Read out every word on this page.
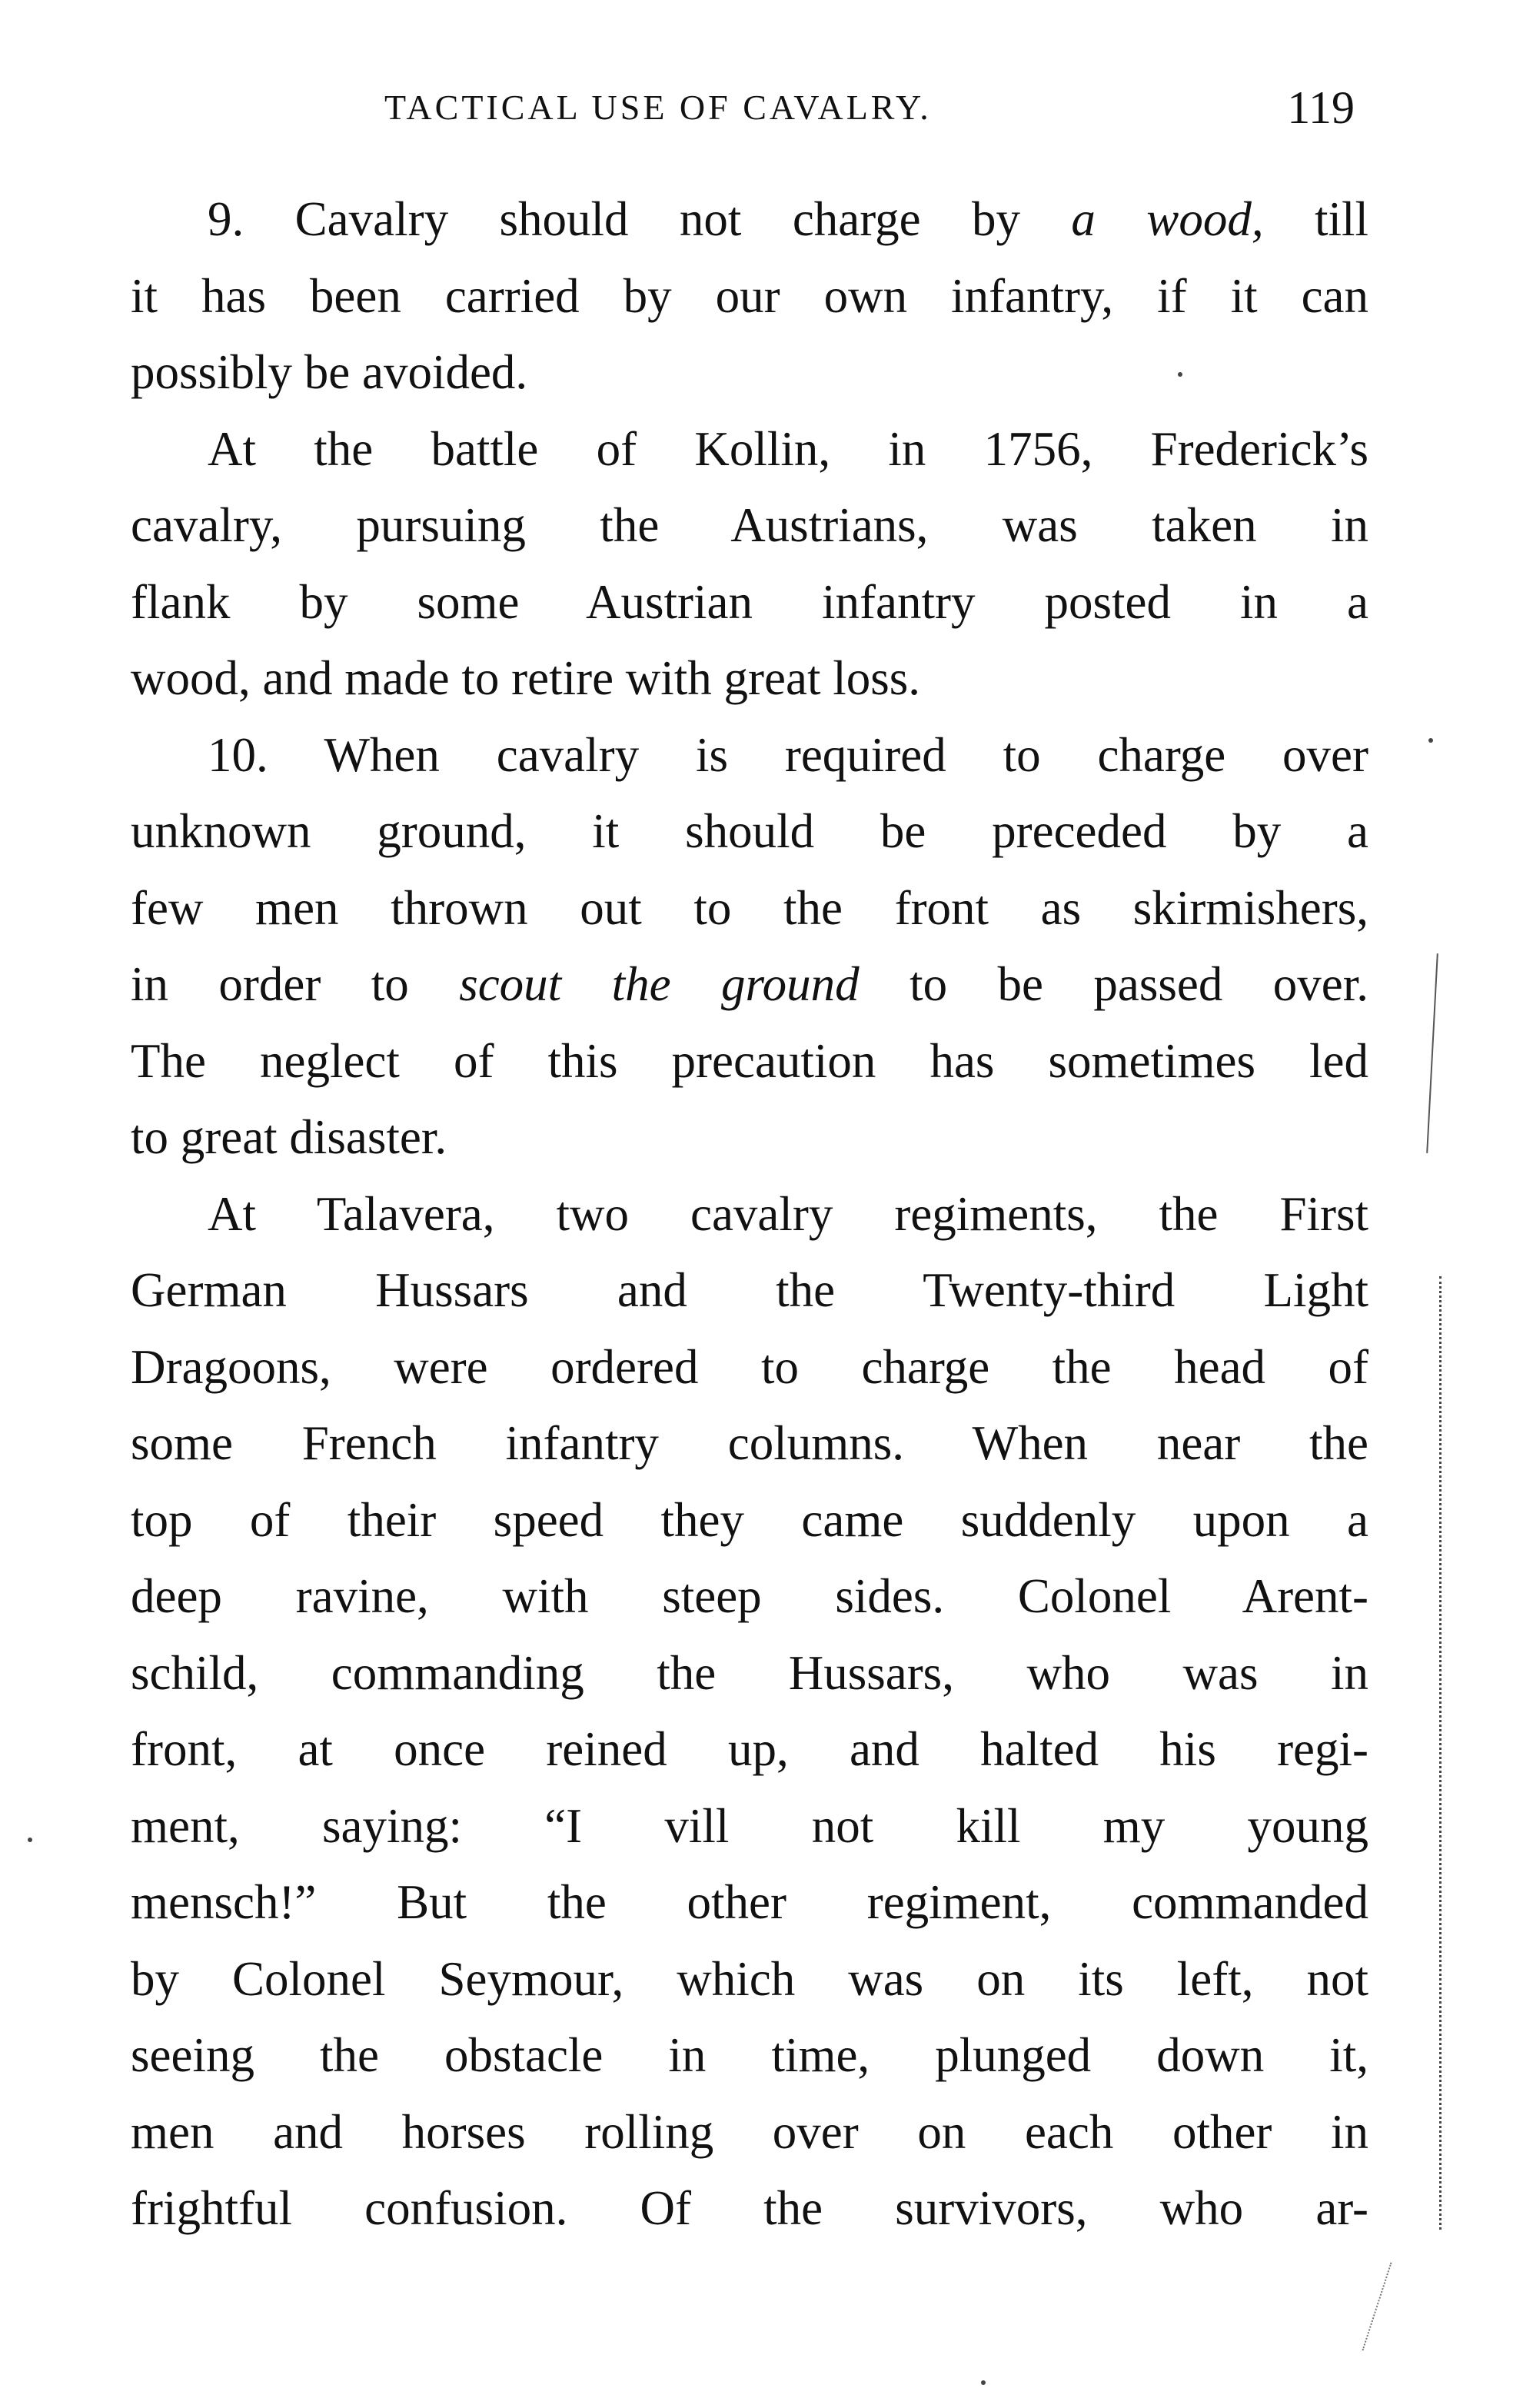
TACTICAL USE OF CAVALRY.	119
9. Cavalry should not charge by a wood, till
it has been carried by our own infantry, if it can
possibly be avoided.
At the battle of Kollin, in 1756, Frederick’s
cavalry, pursuing the Austrians, was taken in
flank by some Austrian infantry posted in a
wood, and made to retire with great loss.
10. When cavalry is required to charge over
unknown ground, it should be preceded by a
few men thrown out to the front as skirmishers,
in order to scout the ground to be passed over.
The neglect of this precaution has sometimes led
to great disaster.
At Talavera, two cavalry regiments, the First
German Hussars and the Twenty-third Light
Dragoons, were ordered to charge the head of
some French infantry columns. When near the
top of their speed they came suddenly upon a
deep ravine, with steep sides. Colonel Arent-
schild, commanding the Hussars, who was in
front, at once reined up, and halted his regi-
ment, saying: “I vill not kill my young
mensch!” But the other regiment, commanded
by Colonel Seymour, which was on its left, not
seeing the obstacle in time, plunged down it,
men and horses rolling over on each other in
frightful confusion. Of the survivors, who ar-
